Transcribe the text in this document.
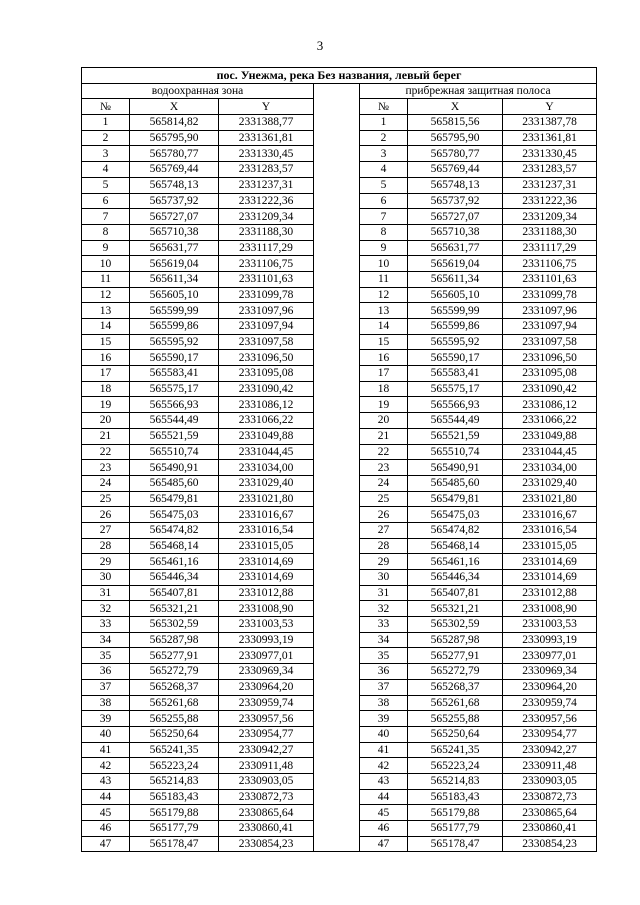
3
пос. Унежма, река Без названия, левый берег						
водоохранная зона				прибрежная защитная полоса		
№	X	Y		№	X	Y
1	565814,82	2331388,77		1	565815,56	2331387,78
2	565795,90	2331361,81		2	565795,90	2331361,81
3	565780,77	2331330,45		3	565780,77	2331330,45
4	565769,44	2331283,57		4	565769,44	2331283,57
5	565748,13	2331237,31		5	565748,13	2331237,31
6	565737,92	2331222,36		6	565737,92	2331222,36
7	565727,07	2331209,34		7	565727,07	2331209,34
8	565710,38	2331188,30		8	565710,38	2331188,30
9	565631,77	2331117,29		9	565631,77	2331117,29
10	565619,04	2331106,75		10	565619,04	2331106,75
11	565611,34	2331101,63		11	565611,34	2331101,63
12	565605,10	2331099,78		12	565605,10	2331099,78
13	565599,99	2331097,96		13	565599,99	2331097,96
14	565599,86	2331097,94		14	565599,86	2331097,94
15	565595,92	2331097,58		15	565595,92	2331097,58
16	565590,17	2331096,50		16	565590,17	2331096,50
17	565583,41	2331095,08		17	565583,41	2331095,08
18	565575,17	2331090,42		18	565575,17	2331090,42
19	565566,93	2331086,12		19	565566,93	2331086,12
20	565544,49	2331066,22		20	565544,49	2331066,22
21	565521,59	2331049,88		21	565521,59	2331049,88
22	565510,74	2331044,45		22	565510,74	2331044,45
23	565490,91	2331034,00		23	565490,91	2331034,00
24	565485,60	2331029,40		24	565485,60	2331029,40
25	565479,81	2331021,80		25	565479,81	2331021,80
26	565475,03	2331016,67		26	565475,03	2331016,67
27	565474,82	2331016,54		27	565474,82	2331016,54
28	565468,14	2331015,05		28	565468,14	2331015,05
29	565461,16	2331014,69		29	565461,16	2331014,69
30	565446,34	2331014,69		30	565446,34	2331014,69
31	565407,81	2331012,88		31	565407,81	2331012,88
32	565321,21	2331008,90		32	565321,21	2331008,90
33	565302,59	2331003,53		33	565302,59	2331003,53
34	565287,98	2330993,19		34	565287,98	2330993,19
35	565277,91	2330977,01		35	565277,91	2330977,01
36	565272,79	2330969,34		36	565272,79	2330969,34
37	565268,37	2330964,20		37	565268,37	2330964,20
38	565261,68	2330959,74		38	565261,68	2330959,74
39	565255,88	2330957,56		39	565255,88	2330957,56
40	565250,64	2330954,77		40	565250,64	2330954,77
41	565241,35	2330942,27		41	565241,35	2330942,27
42	565223,24	2330911,48		42	565223,24	2330911,48
43	565214,83	2330903,05		43	565214,83	2330903,05
44	565183,43	2330872,73		44	565183,43	2330872,73
45	565179,88	2330865,64		45	565179,88	2330865,64
46	565177,79	2330860,41		46	565177,79	2330860,41
47	565178,47	2330854,23		47	565178,47	2330854,23
